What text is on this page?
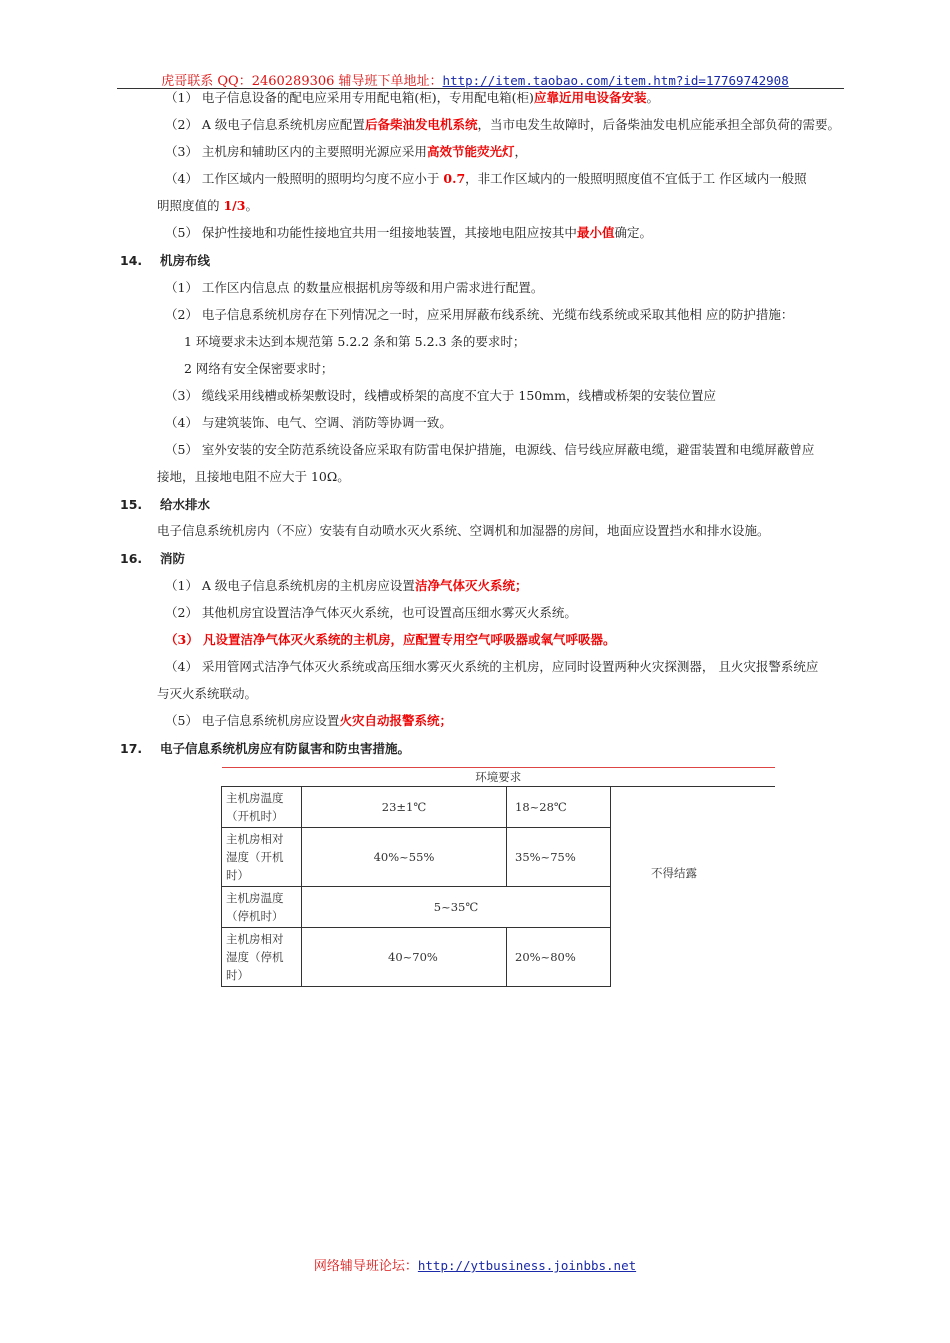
虎哥联系 QQ：2460289306 辅导班下单地址：http://item.taobao.com/item.htm?id=17769742908
（1） 电子信息设备的配电应采用专用配电箱(柜)，专用配电箱(柜)应靠近用电设备安装。
（2） A 级电子信息系统机房应配置后备柴油发电机系统，当市电发生故障时，后备柴油发电机应能承担全部负荷的需要。
（3） 主机房和辅助区内的主要照明光源应采用高效节能荧光灯，
（4） 工作区域内一般照明的照明均匀度不应小于 0.7，非工作区域内的一般照明照度值不宜低于工 作区域内一般照
明照度值的 1/3。
（5） 保护性接地和功能性接地宜共用一组接地装置，其接地电阻应按其中最小值确定。
14. 机房布线
（1） 工作区内信息点 的数量应根据机房等级和用户需求进行配置。
（2） 电子信息系统机房存在下列情况之一时，应采用屏蔽布线系统、光缆布线系统或采取其他相 应的防护措施：
1 环境要求未达到本规范第 5.2.2 条和第 5.2.3 条的要求时；
2 网络有安全保密要求时；
（3） 缆线采用线槽或桥架敷设时，线槽或桥架的高度不宜大于 150mm，线槽或桥架的安装位置应
（4） 与建筑装饰、电气、空调、消防等协调一致。
（5） 室外安装的安全防范系统设备应采取有防雷电保护措施，电源线、信号线应屏蔽电缆，避雷装置和电缆屏蔽曾应
接地，且接地电阻不应大于 10Ω。
15. 给水排水
电子信息系统机房内（不应）安装有自动喷水灭火系统、空调机和加湿器的房间，地面应设置挡水和排水设施。
16. 消防
（1） A 级电子信息系统机房的主机房应设置洁净气体灭火系统；
（2） 其他机房宜设置洁净气体灭火系统，也可设置高压细水雾灭火系统。
（3） 凡设置洁净气体灭火系统的主机房，应配置专用空气呼吸器或氧气呼吸器。
（4） 采用管网式洁净气体灭火系统或高压细水雾灭火系统的主机房，应同时设置两种火灾探测器， 且火灾报警系统应
与灭火系统联动。
（5） 电子信息系统机房应设置火灾自动报警系统；
17. 电子信息系统机房应有防鼠害和防虫害措施。
环境要求			
主机房温度
（开机时）	23±1℃	18~28℃	不得结露
主机房相对
湿度（开机时）	40%~55%	35%~75%	
主机房温度
（停机时）	5~35℃		
主机房相对
湿度（停机时）	40~70%	20%~80%	
网络辅导班论坛：http://ytbusiness.joinbbs.net
